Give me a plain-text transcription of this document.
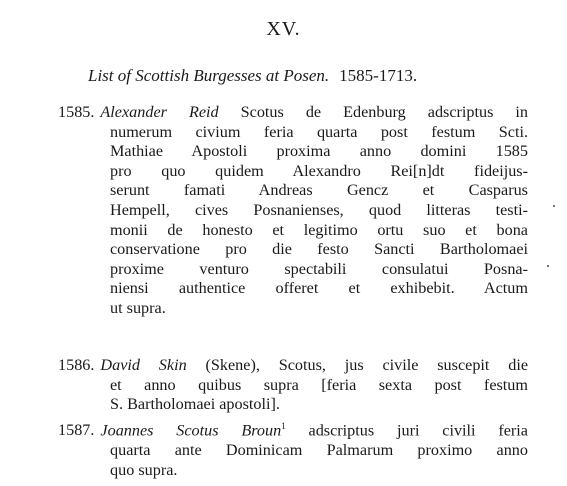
XV.
List of Scottish Burgesses at Posen. 1585-1713.
1585. Alexander Reid Scotus de Edenburg adscriptus in
numerum civium feria quarta post festum Scti.
Mathiae Apostoli proxima anno domini 1585
pro quo quidem Alexandro Rei[n]dt fideijus-
serunt famati Andreas Gencz et Casparus
Hempell, cives Posnanienses, quod litteras testi-
monii de honesto et legitimo ortu suo et bona
conservatione pro die festo Sancti Bartholomaei
proxime venturo spectabili consulatui Posna-
niensi authentice offeret et exhibebit. Actum
ut supra.
1586. David Skin (Skene), Scotus, jus civile suscepit die
et anno quibus supra [feria sexta post festum
S. Bartholomaei apostoli].
1587. Joannes Scotus Broun$^1$ adscriptus juri civili feria
quarta ante Dominicam Palmarum proximo anno
quo supra.
